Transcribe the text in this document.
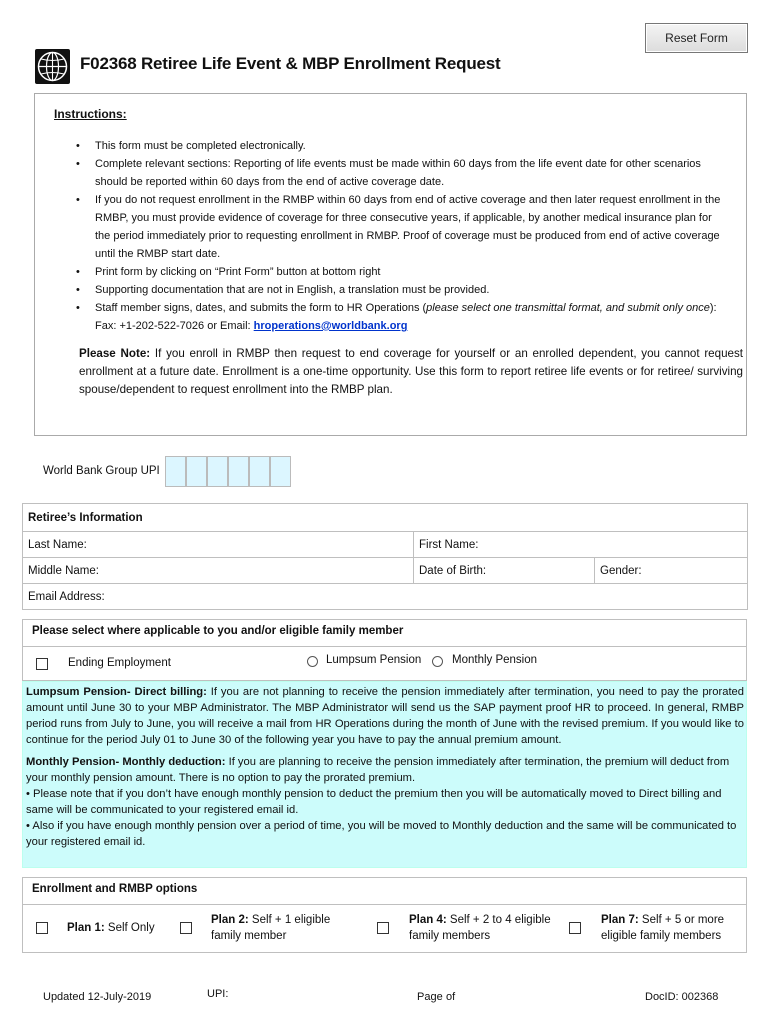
Reset Form
F02368 Retiree Life Event & MBP Enrollment Request
Instructions:
• This form must be completed electronically.
• Complete relevant sections: Reporting of life events must be made within 60 days from the life event date for other scenarios should be reported within 60 days from the end of active coverage date.
• If you do not request enrollment in the RMBP within 60 days from end of active coverage and then later request enrollment in the RMBP, you must provide evidence of coverage for three consecutive years, if applicable, by another medical insurance plan for the period immediately prior to requesting enrollment in RMBP. Proof of coverage must be produced from end of active coverage until the RMBP start date.
• Print form by clicking on “Print Form” button at bottom right
• Supporting documentation that are not in English, a translation must be provided.
• Staff member signs, dates, and submits the form to HR Operations (please select one transmittal format, and submit only once):
Fax: +1-202-522-7026 or Email: hroperations@worldbank.org
Please Note: If you enroll in RMBP then request to end coverage for yourself or an enrolled dependent, you cannot request enrollment at a future date. Enrollment is a one-time opportunity. Use this form to report retiree life events or for retiree/ surviving spouse/dependent to request enrollment into the RMBP plan.
World Bank Group UPI
Retiree’s Information		
Last Name:	First Name:	
Middle Name:	Date of Birth:	Gender:
Email Address:		
Please select where applicable to you and/or eligible family member
Ending Employment	Lumpsum Pension	Monthly Pension

Lumpsum Pension- Direct billing: If you are not planning to receive the pension immediately after termination, you need to pay the prorated amount until June 30 to your MBP Administrator. The MBP Administrator will send us the SAP payment proof HR to proceed. In general, RMBP period runs from July to June, you will receive a mail from HR Operations during the month of June with the revised premium. If you would like to continue for the period July 01 to June 30 of the following year you have to pay the annual premium amount.

Monthly Pension- Monthly deduction: If you are planning to receive the pension immediately after termination, the premium will deduct from your monthly pension amount. There is no option to pay the prorated premium.
• Please note that if you don’t have enough monthly pension to deduct the premium then you will be automatically moved to Direct billing and same will be communicated to your registered email id.
• Also if you have enough monthly pension over a period of time, you will be moved to Monthly deduction and the same will be communicated to your registered email id.

Enrollment and RMBP options
Plan 1: Self Only
Plan 2: Self + 1 eligible family member
Plan 4: Self + 2 to 4 eligible family members
Plan 7: Self + 5 or more eligible family members
Updated 12-July-2019	UPI:	Page of	DocID: 002368
